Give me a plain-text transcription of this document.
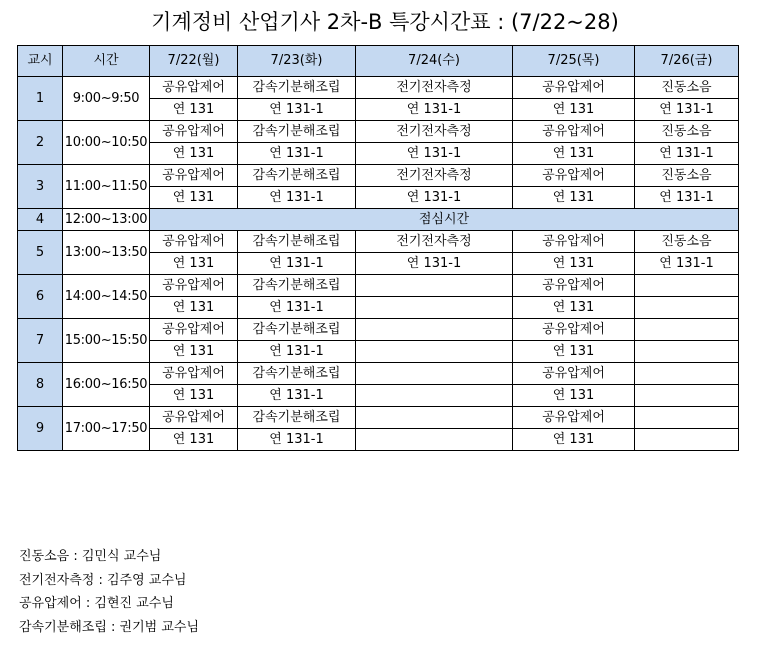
기계정비 산업기사 2차-B 특강시간표 : (7/22~28)
교시	시간	7/22(월)	7/23(화)	7/24(수)	7/25(목)	7/26(금)
1	9:00~9:50	공유압제어	감속기분해조립	전기전자측정	공유압제어	진동소음
		연 131	연 131-1	연 131-1	연 131	연 131-1
2	10:00~10:50	공유압제어	감속기분해조립	전기전자측정	공유압제어	진동소음
		연 131	연 131-1	연 131-1	연 131	연 131-1
3	11:00~11:50	공유압제어	감속기분해조립	전기전자측정	공유압제어	진동소음
		연 131	연 131-1	연 131-1	연 131	연 131-1
4	12:00~13:00	점심시간				
5	13:00~13:50	공유압제어	감속기분해조립	전기전자측정	공유압제어	진동소음
		연 131	연 131-1	연 131-1	연 131	연 131-1
6	14:00~14:50	공유압제어	감속기분해조립		공유압제어	
		연 131	연 131-1		연 131	
7	15:00~15:50	공유압제어	감속기분해조립		공유압제어	
		연 131	연 131-1		연 131	
8	16:00~16:50	공유압제어	감속기분해조립		공유압제어	
		연 131	연 131-1		연 131	
9	17:00~17:50	공유압제어	감속기분해조립		공유압제어	
		연 131	연 131-1		연 131	
진동소음 : 김민식 교수님
전기전자측정 : 김주영 교수님
공유압제어 : 김현진 교수님
감속기분해조립 : 권기범 교수님
